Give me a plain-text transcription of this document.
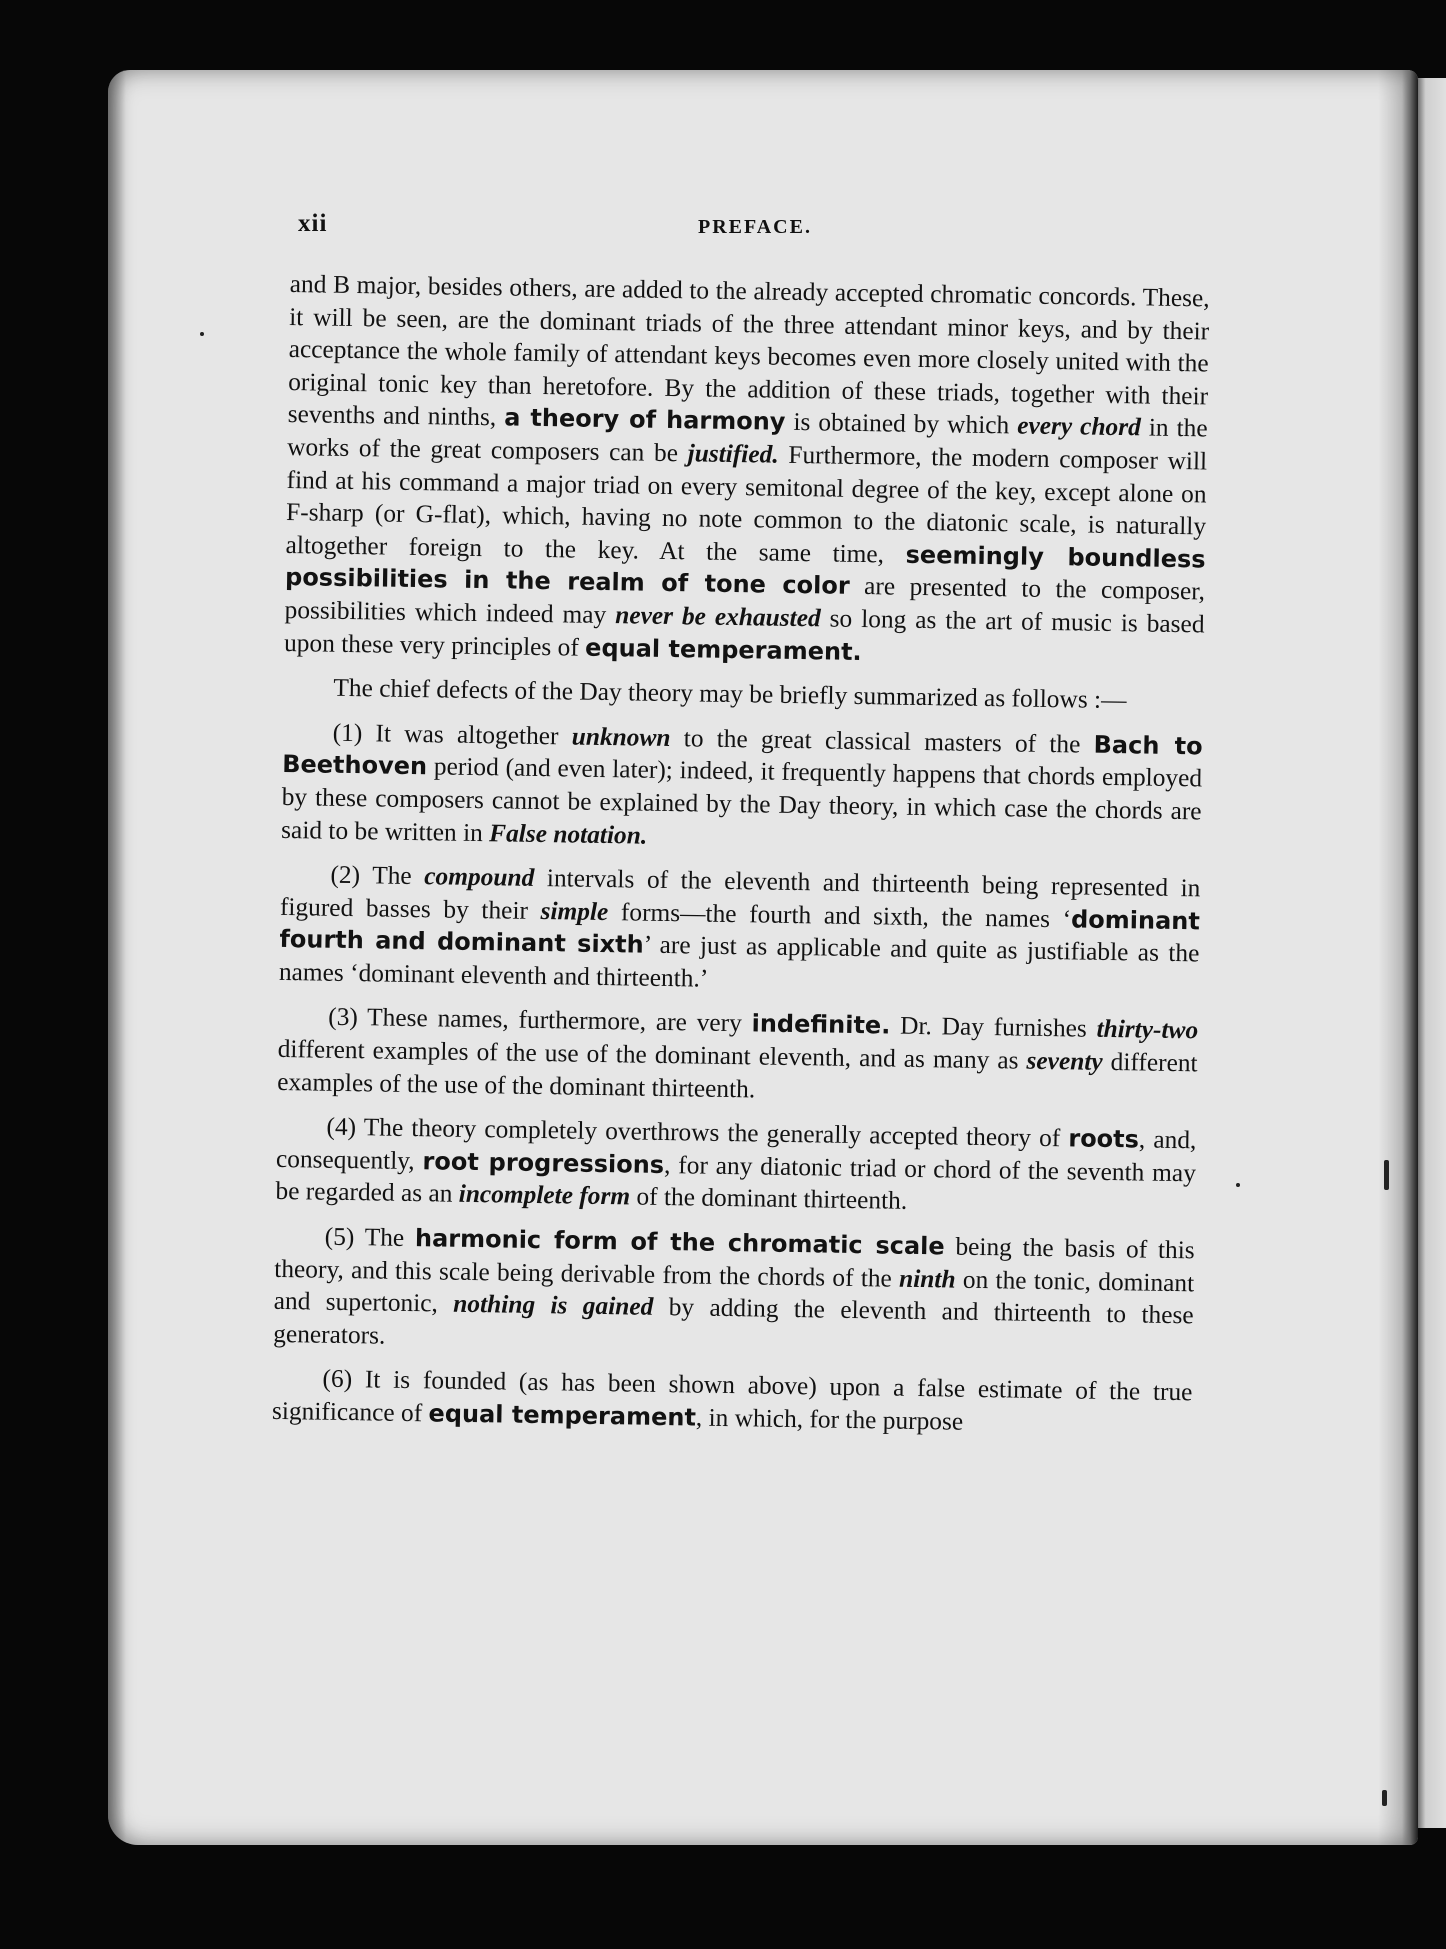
xii	PREFACE.

and B major, besides others, are added to the already accepted chromatic concords. These, it will be seen, are the dominant triads of the three attendant minor keys, and by their acceptance the whole family of attendant keys becomes even more closely united with the original tonic key than heretofore. By the addition of these triads, together with their sevenths and ninths, a theory of harmony is obtained by which every chord in the works of the great composers can be justified. Furthermore, the modern composer will find at his command a major triad on every semitonal degree of the key, except alone on F-sharp (or G-flat), which, having no note common to the diatonic scale, is naturally altogether foreign to the key. At the same time, seemingly boundless possibilities in the realm of tone color are presented to the composer, possibilities which indeed may never be exhausted so long as the art of music is based upon these very principles of equal temperament.

The chief defects of the Day theory may be briefly summarized as follows :—

(1) It was altogether unknown to the great classical masters of the Bach to Beethoven period (and even later); indeed, it frequently happens that chords employed by these composers cannot be explained by the Day theory, in which case the chords are said to be written in False notation.

(2) The compound intervals of the eleventh and thirteenth being represented in figured basses by their simple forms—the fourth and sixth, the names ‘dominant fourth and dominant sixth’ are just as applicable and quite as justifiable as the names ‘dominant eleventh and thirteenth.’

(3) These names, furthermore, are very indefinite. Dr. Day furnishes thirty-two different examples of the use of the dominant eleventh, and as many as seventy different examples of the use of the dominant thirteenth.

(4) The theory completely overthrows the generally accepted theory of roots, and, consequently, root progressions, for any diatonic triad or chord of the seventh may be regarded as an incomplete form of the dominant thirteenth.

(5) The harmonic form of the chromatic scale being the basis of this theory, and this scale being derivable from the chords of the ninth on the tonic, dominant and supertonic, nothing is gained by adding the eleventh and thirteenth to these generators.

(6) It is founded (as has been shown above) upon a false estimate of the true significance of equal temperament, in which, for the purpose
